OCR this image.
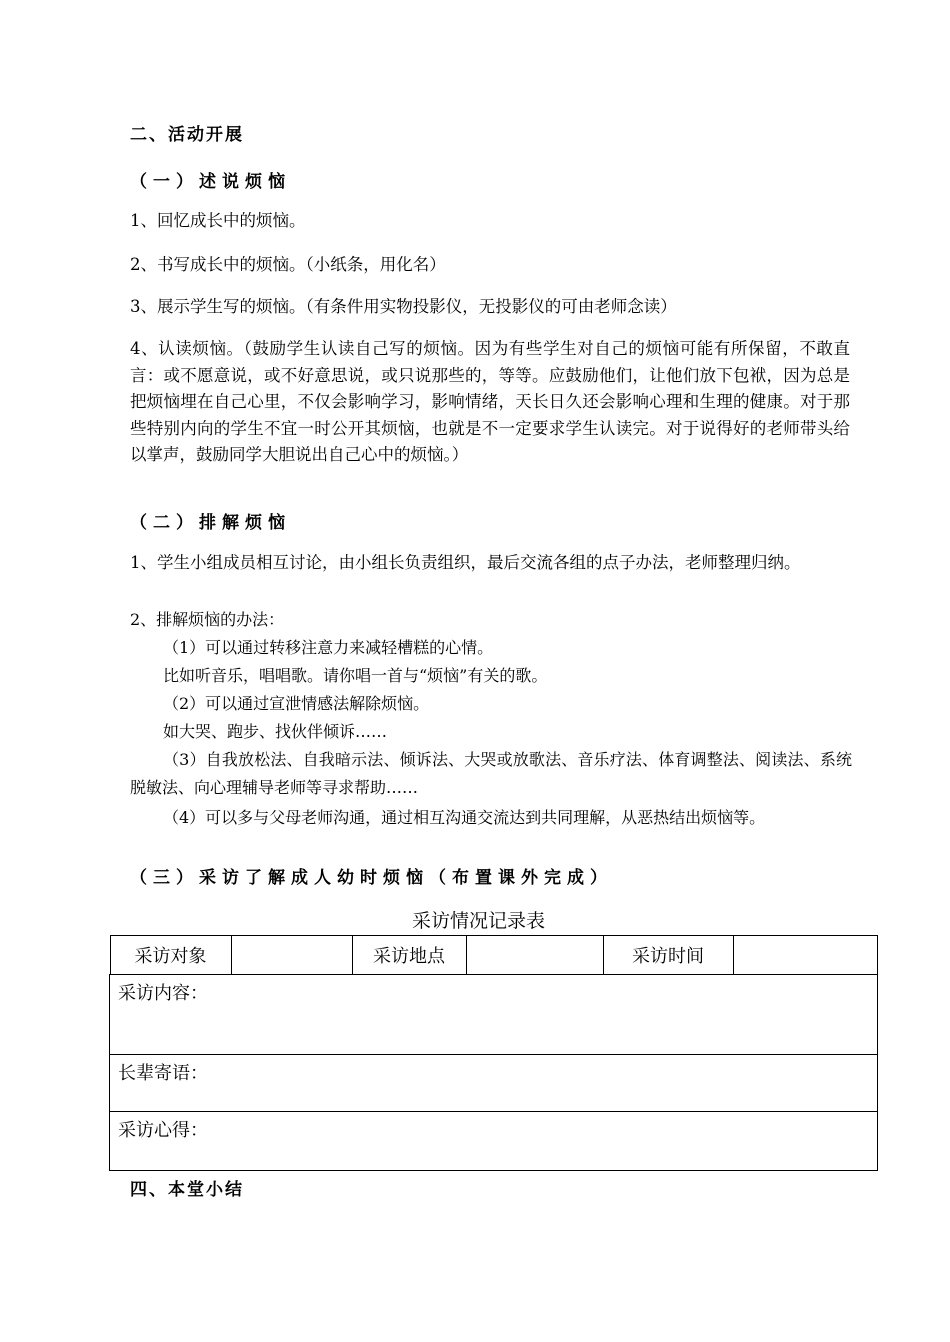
二、活动开展
（一）述说烦恼
1、回忆成长中的烦恼。
2、书写成长中的烦恼。（小纸条，用化名）
3、展示学生写的烦恼。（有条件用实物投影仪，无投影仪的可由老师念读）
4、认读烦恼。（鼓励学生认读自己写的烦恼。因为有些学生对自己的烦恼可能有所保留，不敢直言：或不愿意说，或不好意思说，或只说那些的，等等。应鼓励他们，让他们放下包袱，因为总是把烦恼埋在自己心里，不仅会影响学习，影响情绪，天长日久还会影响心理和生理的健康。对于那些特别内向的学生不宜一时公开其烦恼，也就是不一定要求学生认读完。对于说得好的老师带头给以掌声，鼓励同学大胆说出自己心中的烦恼。）
（二）排解烦恼
1、学生小组成员相互讨论，由小组长负责组织，最后交流各组的点子办法，老师整理归纳。
2、排解烦恼的办法：
（1）可以通过转移注意力来减轻槽糕的心情。
比如听音乐，唱唱歌。请你唱一首与“烦恼”有关的歌。
（2）可以通过宣泄情感法解除烦恼。
如大哭、跑步、找伙伴倾诉……
（3）自我放松法、自我暗示法、倾诉法、大哭或放歌法、音乐疗法、体育调整法、阅读法、系统脱敏法、向心理辅导老师等寻求帮助……
（4）可以多与父母老师沟通，通过相互沟通交流达到共同理解，从恶热结出烦恼等。
（三）采访了解成人幼时烦恼（布置课外完成）
采访情况记录表
	采访对象		采访地点		采访时间	
采访内容：
长辈寄语：
采访心得：
四、本堂小结
